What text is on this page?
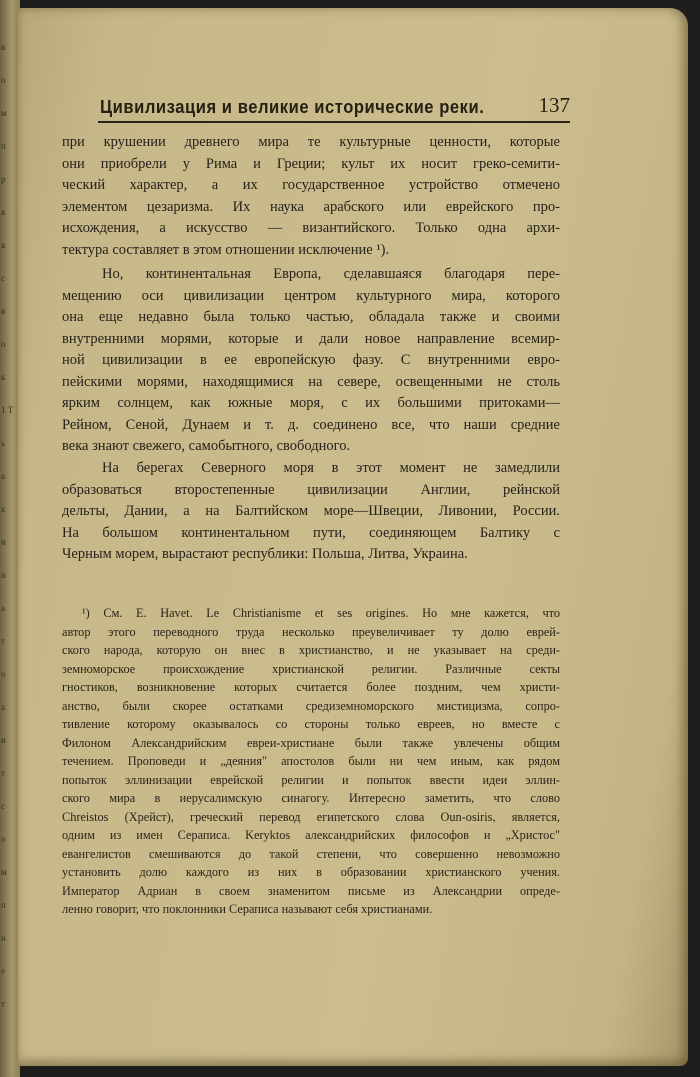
в
о
м
п
р
в
в
с
я
о
к
1 Т
ь
а
к
и
н
а
т
о
а
и
т
с
о
м
п
н
е
т
Цивилизация и великие исторические реки.	137
при крушении древнего мира те культурные ценности, которые
они приобрели у Рима и Греции; культ их носит греко-семити-
ческий характер, а их государственное устройство отмечено
элементом цезаризма. Их наука арабского или еврейского про-
исхождения, а искусство — византийского. Только одна архи-
тектура составляет в этом отношении исключение ¹).
Но, континентальная Европа, сделавшаяся благодаря пере-
мещению оси цивилизации центром культурного мира, которого
она еще недавно была только частью, обладала также и своими
внутренними морями, которые и дали новое направление всемир-
ной цивилизации в ее европейскую фазу. С внутренними евро-
пейскими морями, находящимися на севере, освещенными не столь
ярким солнцем, как южные моря, с их большими притоками—
Рейном, Сеной, Дунаем и т. д. соединено все, что наши средние
века знают свежего, самобытного, свободного.
На берегах Северного моря в этот момент не замедлили
образоваться второстепенные цивилизации Англии, рейнской
дельты, Дании, а на Балтийском море—Швеции, Ливонии, России.
На большом континентальном пути, соединяющем Балтику с
Черным морем, вырастают республики: Польша, Литва, Украина.
¹) См. E. Havet. Le Christianisme et ses origines. Но мне кажется, что
автор этого переводного труда несколько преувеличивает ту долю еврей-
ского народа, которую он внес в христианство, и не указывает на среди-
земноморское происхождение христианской религии. Различные секты
гностиков, возникновение которых считается более поздним, чем христи-
анство, были скорее остатками средиземноморского мистицизма, сопро-
тивление которому оказывалось со стороны только евреев, но вместе с
Филоном Александрийским евреи-христиане были также увлечены общим
течением. Проповеди и „деяния" апостолов были ни чем иным, как рядом
попыток эллинизации еврейской религии и попыток ввести идеи эллин-
ского мира в иерусалимскую синагогу. Интересно заметить, что слово
Chreistos (Хрейст), греческий перевод египетского слова Оun-osiris, является,
одним из имен Сераписа. Keryktos александрийских философов и „Христос"
евангелистов смешиваются до такой степени, что совершенно невозможно
установить долю каждого из них в образовании христианского учения.
Император Адриан в своем знаменитом письме из Александрии опреде-
ленно говорит, что поклонники Сераписа называют себя христианами.
